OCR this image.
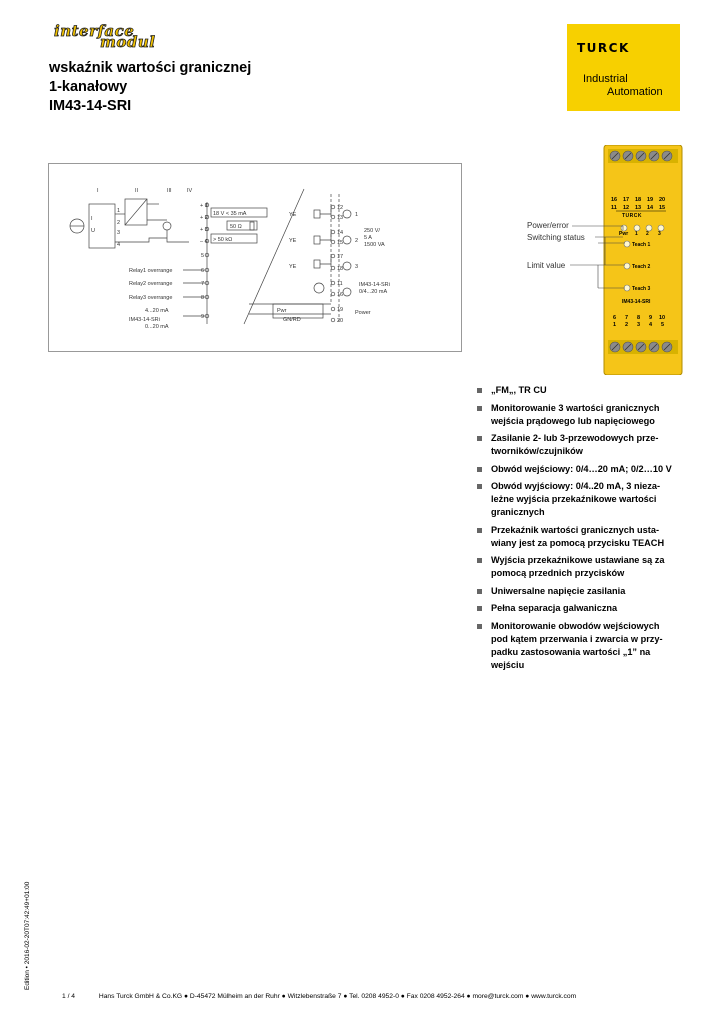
interface
modul	TURCK
Industrial
Automation
wskaźnik wartości granicznej
1-kanałowy
IM43-14-SRI
I	II	III	IV
I
U
18 V < 35 mA
50 Ω
> 50 kΩ
Relay1 overrange
Relay2 overrange
Relay3 overrange
4...20 mA
IM43-14-SRi
0...20 mA
250 V/
5 A
1500 VA
IM43-14-SRi
0/4...20 mA
Pwr
GN/RD
Power
YE
YE
YE
+ 1
+ 2
+ 3
– 4
5
6
7
8
9
12
13
14
15
17
18
11
16
19
20
1
2
3
1
2
3
4
16 17 18 19 20
11 12 13 14 15
TURCK
Pwr 1 2 3
Teach 1
Teach 2
Teach 3
IM43-14-SRI
6 7 8 9 10
1 2 3 4 5
Power/error
Switching status
Limit value
„FM„, TR CU
Monitorowanie 3 wartości granicznych wejścia prądowego lub napięciowego
Zasilanie 2- lub 3-przewodowych przetworników/czujników
Obwód wejściowy: 0/4…20 mA; 0/2…10 V
Obwód wyjściowy: 0/4..20 mA, 3 niezależne wyjścia przekaźnikowe wartości granicznych
Przekaźnik wartości granicznych ustawiany jest za pomocą przycisku TEACH
Wyjścia przekaźnikowe ustawiane są za pomocą przednich przycisków
Uniwersalne napięcie zasilania
Pełna separacja galwaniczna
Monitorowanie obwodów wejściowych pod kątem przerwania i zwarcia w przypadku zastosowania wartości „1” na wejściu
Edition • 2016-02-20T07:42:49+01:00
1 / 4	Hans Turck GmbH & Co.KG ● D-45472 Mülheim an der Ruhr ● Witzlebenstraße 7 ● Tel. 0208 4952-0 ● Fax 0208 4952-264 ● more@turck.com ● www.turck.com
